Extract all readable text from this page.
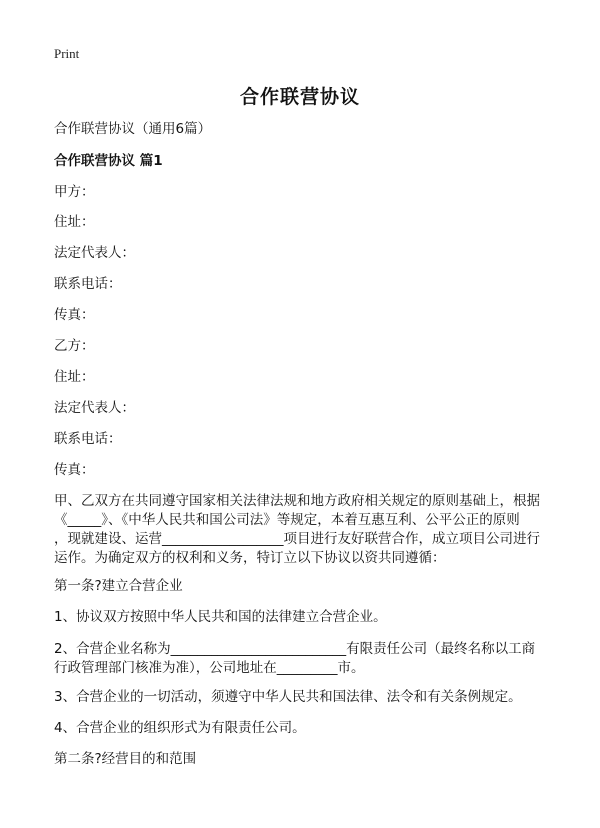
Print
合作联营协议
合作联营协议（通用6篇）
合作联营协议 篇1
甲方：
住址：
法定代表人：
联系电话：
传真：
乙方：
住址：
法定代表人：
联系电话：
传真：
甲、乙双方在共同遵守国家相关法律法规和地方政府相关规定的原则基础上，根据
《_____》、《中华人民共和国公司法》等规定，本着互惠互利、公平公正的原则
，现就建设、运营__________________项目进行友好联营合作，成立项目公司进行
运作。为确定双方的权利和义务，特订立以下协议以资共同遵循：
第一条?建立合营企业
1、协议双方按照中华人民共和国的法律建立合营企业。
2、合营企业名称为__________________________有限责任公司（最终名称以工商
行政管理部门核准为准），公司地址在_________市。
3、合营企业的一切活动，须遵守中华人民共和国法律、法令和有关条例规定。
4、合营企业的组织形式为有限责任公司。
第二条?经营目的和范围
